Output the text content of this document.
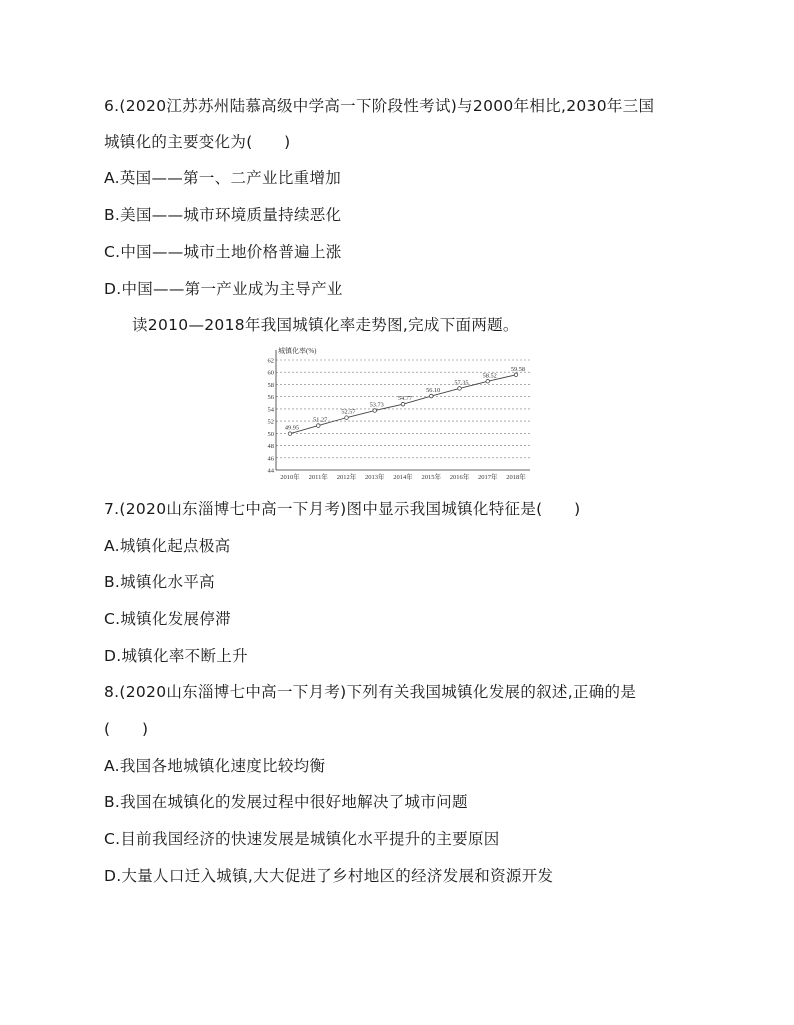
6.(2020江苏苏州陆慕高级中学高一下阶段性考试)与2000年相比,2030年三国
城镇化的主要变化为(　　)
A.英国——第一、二产业比重增加
B.美国——城市环境质量持续恶化
C.中国——城市土地价格普遍上涨
D.中国——第一产业成为主导产业
读2010—2018年我国城镇化率走势图,完成下面两题。
城镇化率(%)
44
46
48
50
52
54
56
58
60
62
2010年 2011年 2012年 2013年 2014年 2015年 2016年 2017年 2018年
49.95
51.27
52.57
53.73
54.77
56.10
57.35
58.52
59.58
7.(2020山东淄博七中高一下月考)图中显示我国城镇化特征是(　　)
A.城镇化起点极高
B.城镇化水平高
C.城镇化发展停滞
D.城镇化率不断上升
8.(2020山东淄博七中高一下月考)下列有关我国城镇化发展的叙述,正确的是
(　　)
A.我国各地城镇化速度比较均衡
B.我国在城镇化的发展过程中很好地解决了城市问题
C.目前我国经济的快速发展是城镇化水平提升的主要原因
D.大量人口迁入城镇,大大促进了乡村地区的经济发展和资源开发
